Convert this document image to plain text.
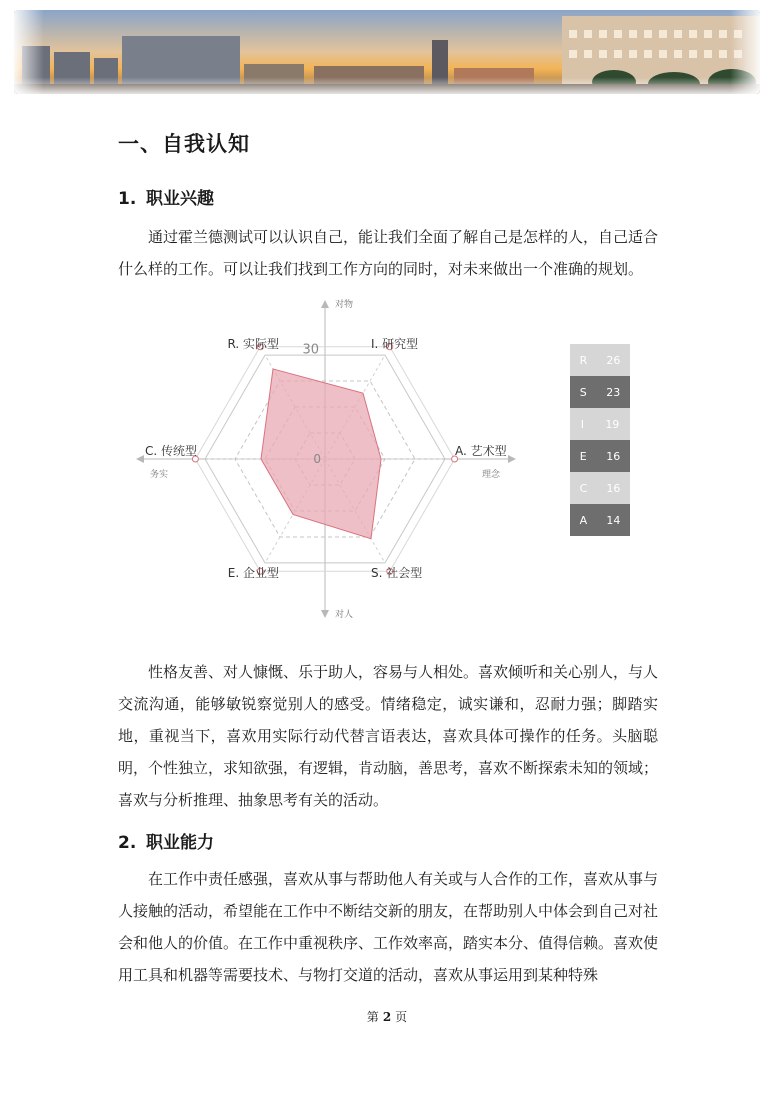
一、自我认知
1. 职业兴趣

通过霍兰德测试可以认识自己，能让我们全面了解自己是怎样的人，自己适合什么样的工作。可以让我们找到工作方向的同时，对未来做出一个准确的规划。

30
0
R. 实际型	I. 研究型
A. 艺术型
S. 社会型
E. 企业型
C. 传统型
对物
对人
务实	理念
R 26
S 23
I 19
E 16
C 16
A 14

性格友善、对人慷慨、乐于助人，容易与人相处。喜欢倾听和关心别人，与人交流沟通，能够敏锐察觉别人的感受。情绪稳定，诚实谦和，忍耐力强；脚踏实地，重视当下，喜欢用实际行动代替言语表达，喜欢具体可操作的任务。头脑聪明，个性独立，求知欲强，有逻辑，肯动脑，善思考，喜欢不断探索未知的领域；喜欢与分析推理、抽象思考有关的活动。

2. 职业能力

在工作中责任感强，喜欢从事与帮助他人有关或与人合作的工作，喜欢从事与人接触的活动，希望能在工作中不断结交新的朋友，在帮助别人中体会到自己对社会和他人的价值。在工作中重视秩序、工作效率高，踏实本分、值得信赖。喜欢使用工具和机器等需要技术、与物打交道的活动，喜欢从事运用到某种特殊

第 2 页
